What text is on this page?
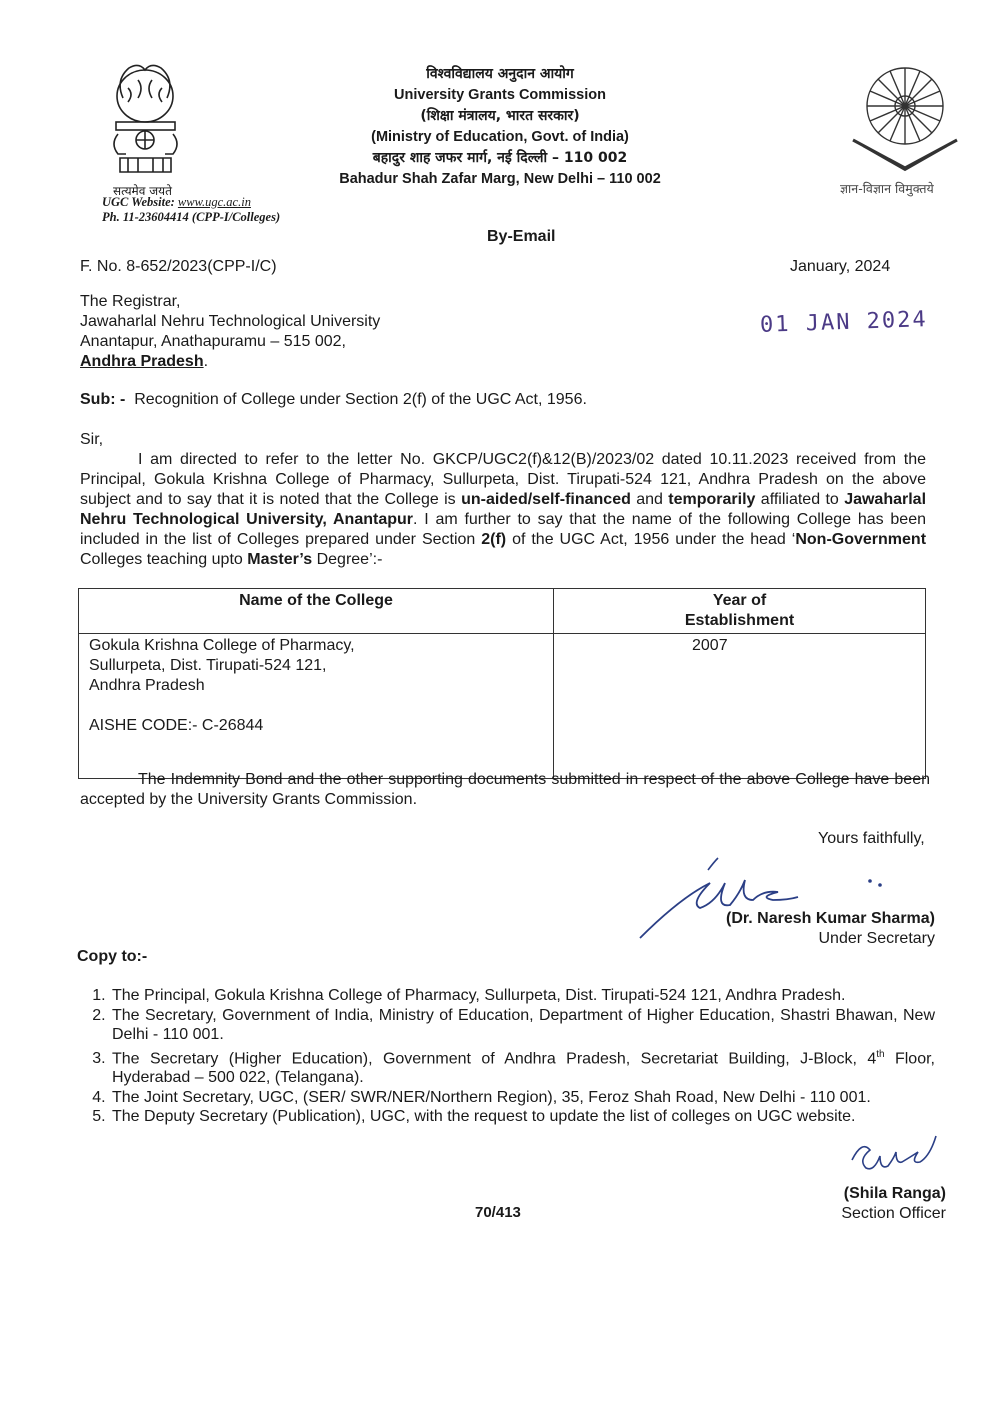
सत्यमेव जयते
UGC Website: www.ugc.ac.in
Ph. 11-23604414 (CPP-I/Colleges)
विश्वविद्यालय अनुदान आयोग
University Grants Commission
(शिक्षा मंत्रालय, भारत सरकार)
(Ministry of Education, Govt. of India)
बहादुर शाह जफर मार्ग, नई दिल्ली – 110 002
Bahadur Shah Zafar Marg, New Delhi – 110 002
ज्ञान-विज्ञान विमुक्तये
By-Email
F. No. 8-652/2023(CPP-I/C)	January, 2024
01 JAN 2024
The Registrar,
Jawaharlal Nehru Technological University
Anantapur, Anathapuramu – 515 002,
Andhra Pradesh.
Sub: - Recognition of College under Section 2(f) of the UGC Act, 1956.
Sir,

I am directed to refer to the letter No. GKCP/UGC2(f)&12(B)/2023/02 dated 10.11.2023 received from the Principal, Gokula Krishna College of Pharmacy, Sullurpeta, Dist. Tirupati-524 121, Andhra Pradesh on the above subject and to say that it is noted that the College is un-aided/self-financed and temporarily affiliated to Jawaharlal Nehru Technological University, Anantapur. I am further to say that the name of the following College has been included in the list of Colleges prepared under Section 2(f) of the UGC Act, 1956 under the head ‘Non-Government Colleges teaching upto Master’s Degree’:-

Name of the College	Year of
Establishment

Gokula Krishna College of Pharmacy,
Sullurpeta, Dist. Tirupati-524 121,
Andhra Pradesh
AISHE CODE:- C-26844	2007
The Indemnity Bond and the other supporting documents submitted in respect of the above College have been accepted by the University Grants Commission.
Yours faithfully,
(Dr. Naresh Kumar Sharma)
Under Secretary
Copy to:-
1. The Principal, Gokula Krishna College of Pharmacy, Sullurpeta, Dist. Tirupati-524 121, Andhra Pradesh.
2. The Secretary, Government of India, Ministry of Education, Department of Higher Education, Shastri Bhawan, New Delhi - 110 001.
3. The Secretary (Higher Education), Government of Andhra Pradesh, Secretariat Building, J-Block, 4th Floor, Hyderabad – 500 022, (Telangana).
4. The Joint Secretary, UGC, (SER/ SWR/NER/Northern Region), 35, Feroz Shah Road, New Delhi - 110 001.
5. The Deputy Secretary (Publication), UGC, with the request to update the list of colleges on UGC website.
(Shila Ranga)
Section Officer
70/413
